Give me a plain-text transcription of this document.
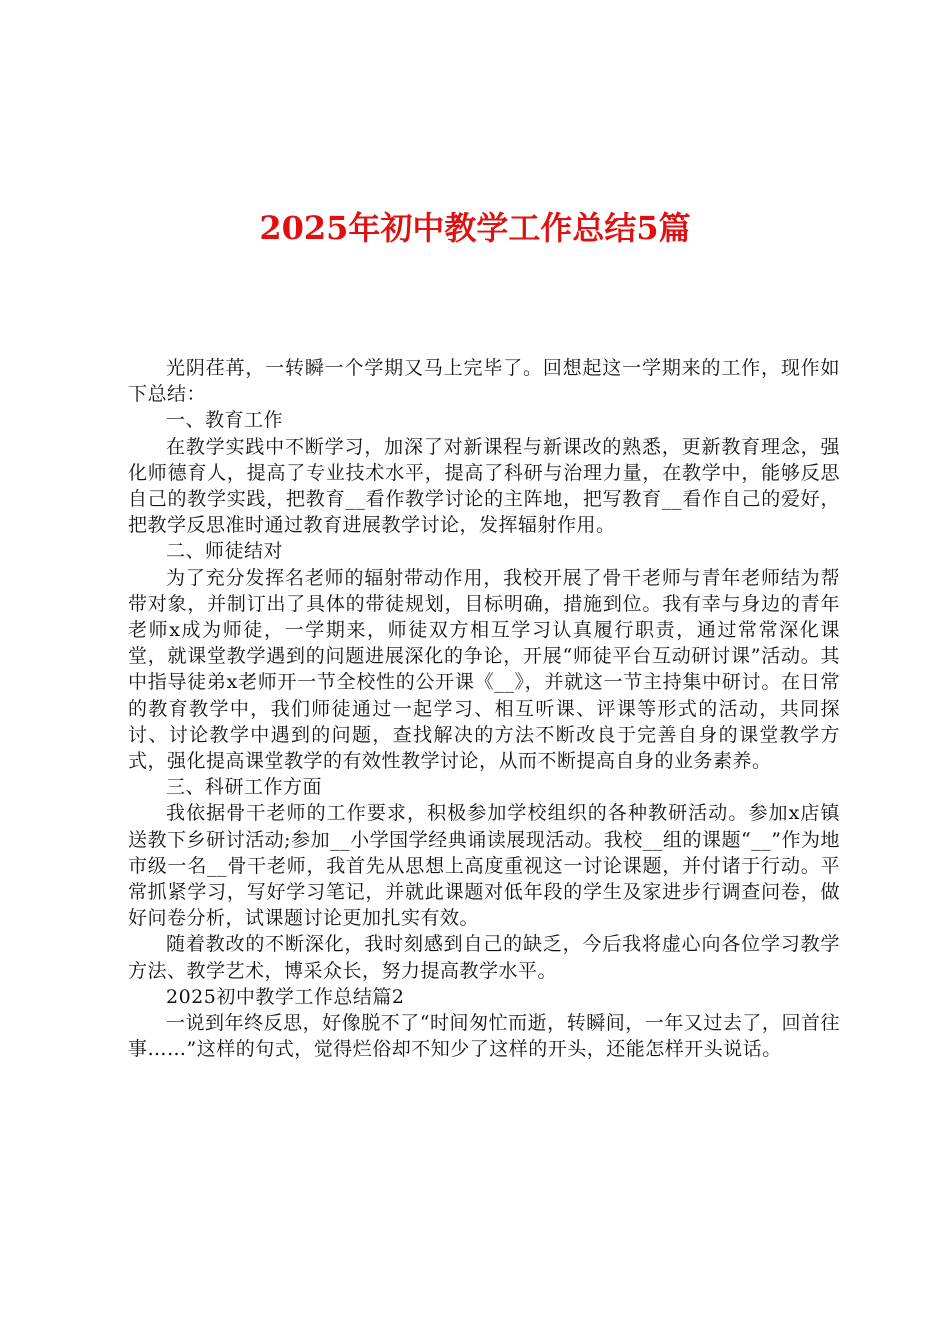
2025年初中教学工作总结5篇

光阴荏苒，一转瞬一个学期又马上完毕了。回想起这一学期来的工作，现作如下总结：

一、教育工作

在教学实践中不断学习，加深了对新课程与新课改的熟悉，更新教育理念，强化师德育人，提高了专业技术水平，提高了科研与治理力量，在教学中，能够反思自己的教学实践，把教育__看作教学讨论的主阵地，把写教育__看作自己的爱好，把教学反思准时通过教育进展教学讨论，发挥辐射作用。

二、师徒结对

为了充分发挥名老师的辐射带动作用，我校开展了骨干老师与青年老师结为帮带对象，并制订出了具体的带徒规划，目标明确，措施到位。我有幸与身边的青年老师x成为师徒，一学期来，师徒双方相互学习认真履行职责，通过常常深化课堂，就课堂教学遇到的问题进展深化的争论，开展“师徒平台互动研讨课”活动。其中指导徒弟x老师开一节全校性的公开课《__》，并就这一节主持集中研讨。在日常的教育教学中，我们师徒通过一起学习、相互听课、评课等形式的活动，共同探讨、讨论教学中遇到的问题，查找解决的方法不断改良于完善自身的课堂教学方式，强化提高课堂教学的有效性教学讨论，从而不断提高自身的业务素养。

三、科研工作方面

我依据骨干老师的工作要求，积极参加学校组织的各种教研活动。参加x店镇送教下乡研讨活动;参加__小学国学经典诵读展现活动。我校__组的课题“__”作为地市级一名__骨干老师，我首先从思想上高度重视这一讨论课题，并付诸于行动。平常抓紧学习，写好学习笔记，并就此课题对低年段的学生及家进步行调查问卷，做好问卷分析，试课题讨论更加扎实有效。

随着教改的不断深化，我时刻感到自己的缺乏，今后我将虚心向各位学习教学方法、教学艺术，博采众长，努力提高教学水平。

2025初中教学工作总结篇2

一说到年终反思，好像脱不了“时间匆忙而逝，转瞬间，一年又过去了，回首往事……”这样的句式，觉得烂俗却不知少了这样的开头，还能怎样开头说话。
